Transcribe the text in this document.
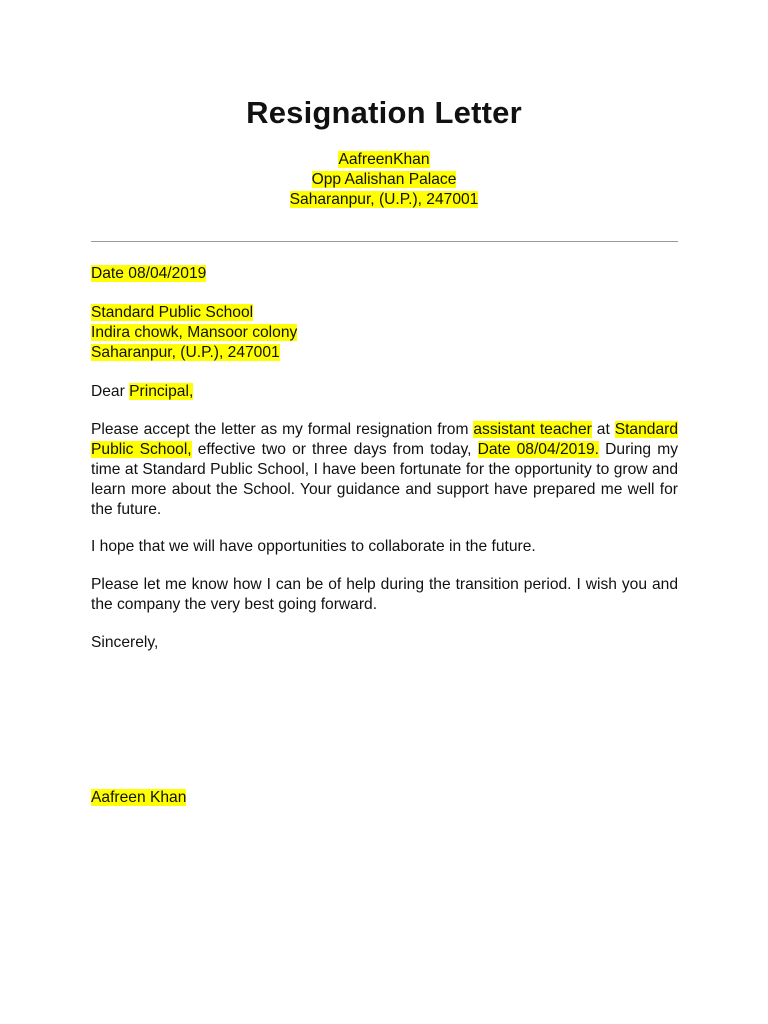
Resignation Letter
AafreenKhan
Opp Aalishan Palace
Saharanpur, (U.P.), 247001
Date 08/04/2019
Standard Public School
Indira chowk, Mansoor colony
Saharanpur, (U.P.), 247001
Dear Principal,
Please accept the letter as my formal resignation from assistant teacher at Standard Public School, effective two or three days from today, Date 08/04/2019. During my time at Standard Public School, I have been fortunate for the opportunity to grow and learn more about the School. Your guidance and support have prepared me well for the future.
I hope that we will have opportunities to collaborate in the future.
Please let me know how I can be of help during the transition period. I wish you and the company the very best going forward.
Sincerely,
Aafreen Khan
